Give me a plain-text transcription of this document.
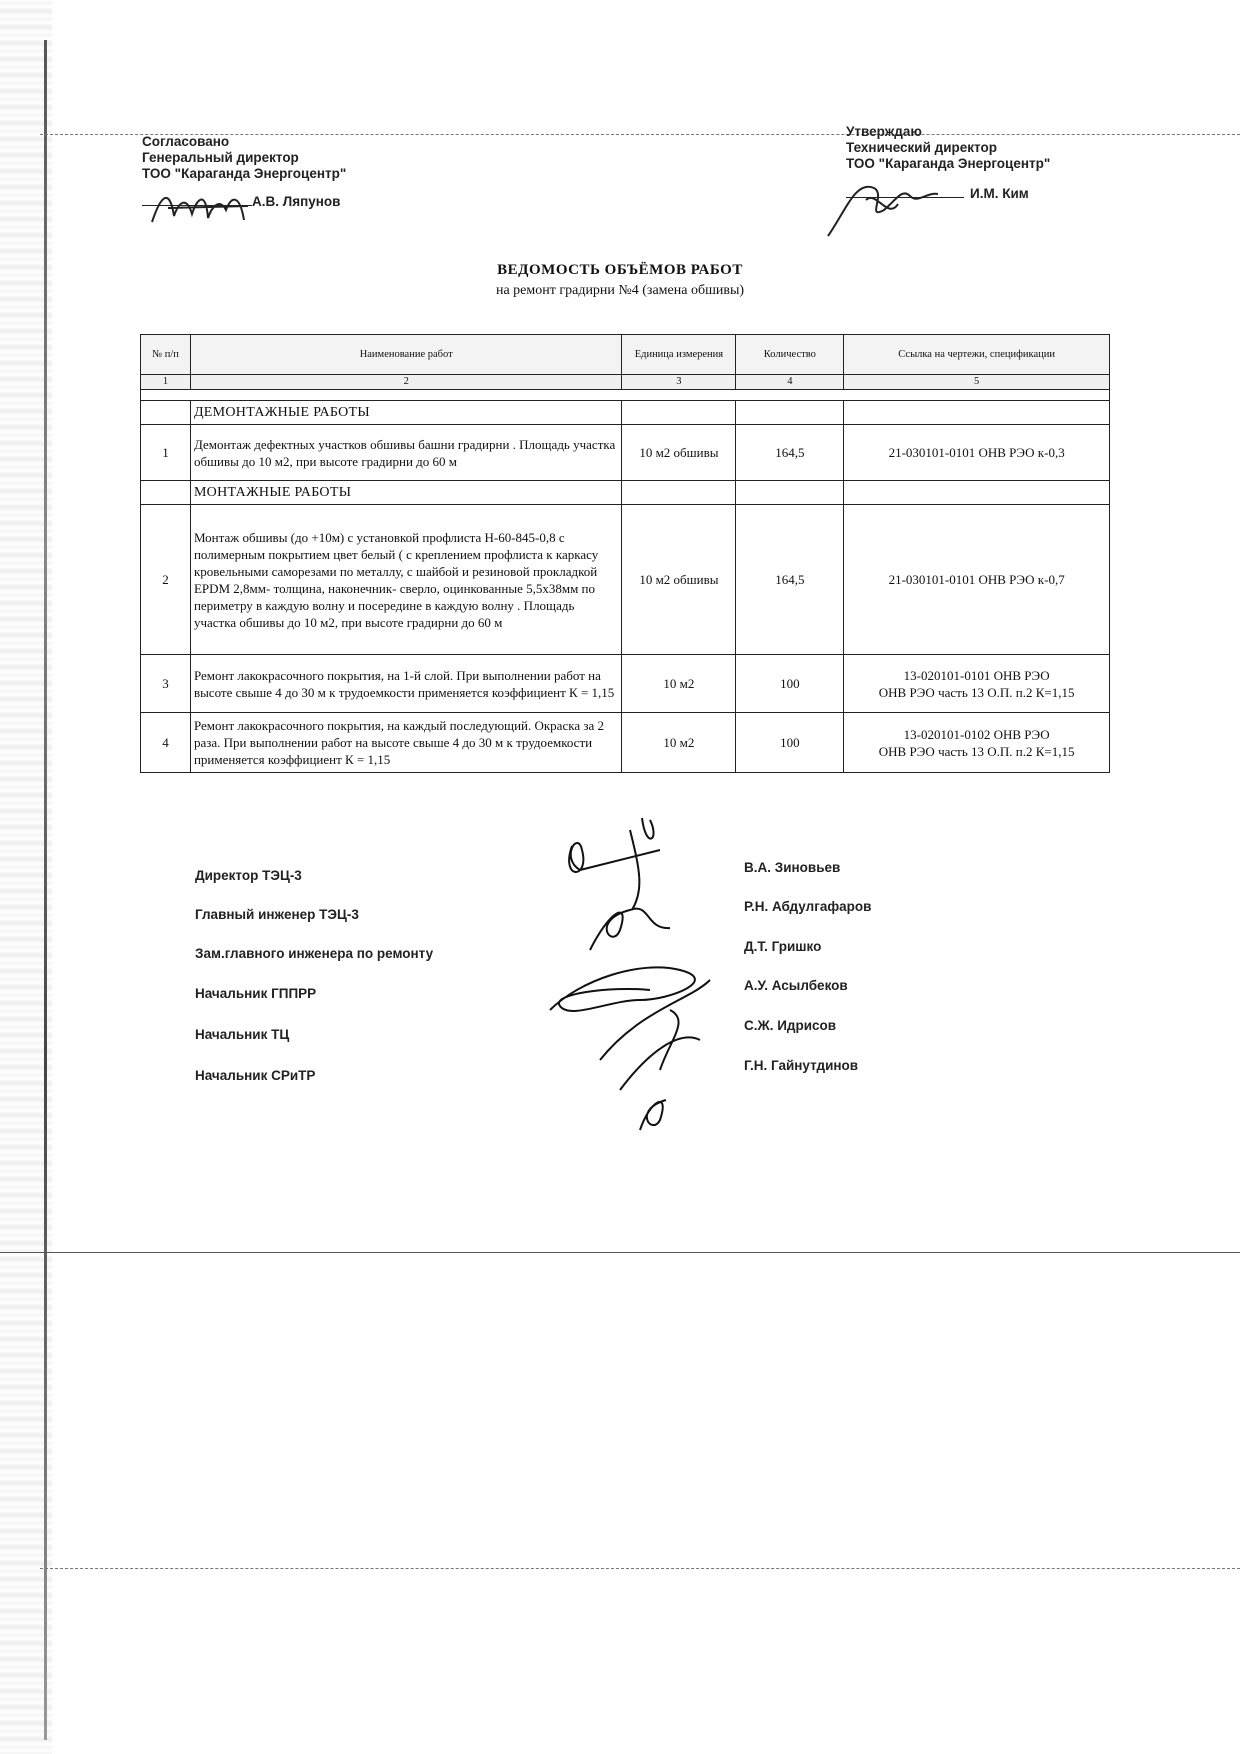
Согласовано
Генеральный директор
ТОО "Караганда Энергоцентр"
А.В. Ляпунов
Утверждаю
Технический директор
ТОО "Караганда Энергоцентр"
И.М. Ким
ВЕДОМОСТЬ ОБЪЁМОВ РАБОТ
на ремонт градирни №4 (замена обшивы)
№ п/п	Наименование работ	Единица измерения	Количество	Ссылка на чертежи, спецификации
1	2	3	4	5

	ДЕМОНТАЖНЫЕ РАБОТЫ			
1	Демонтаж дефектных участков обшивы башни градирни . Площадь участка обшивы до 10 м2, при высоте градирни до 60 м	10 м2 обшивы	164,5	21-030101-0101 ОНВ РЭО к-0,3
	МОНТАЖНЫЕ РАБОТЫ			
2	Монтаж обшивы (до +10м) с установкой профлиста Н-60-845-0,8 с полимерным покрытием цвет белый ( с креплением профлиста к каркасу кровельными саморезами по металлу, с шайбой и резиновой прокладкой EPDM 2,8мм- толщина, наконечник- сверло, оцинкованные 5,5х38мм по периметру в каждую волну и посередине в каждую волну . Площадь участка обшивы до 10 м2, при высоте градирни до 60 м	10 м2 обшивы	164,5	21-030101-0101 ОНВ РЭО к-0,7
3	Ремонт лакокрасочного покрытия, на 1-й слой. При выполнении работ на высоте свыше 4 до 30 м к трудоемкости применяется коэффициент К = 1,15	10 м2	100	13-020101-0101 ОНВ РЭО
ОНВ РЭО часть 13 О.П. п.2 К=1,15

4	Ремонт лакокрасочного покрытия, на каждый последующий. Окраска за 2 раза. При выполнении работ на высоте свыше 4 до 30 м к трудоемкости применяется коэффициент К = 1,15	10 м2	100	13-020101-0102 ОНВ РЭО
ОНВ РЭО часть 13 О.П. п.2 К=1,15
Директор ТЭЦ-3
В.А. Зиновьев
Главный инженер ТЭЦ-3
Р.Н. Абдулгафаров
Зам.главного инженера по ремонту	Д.Т. Гришко
Начальник ГППРР
А.У. Асылбеков
Начальник ТЦ
С.Ж. Идрисов
Начальник СРиТР
Г.Н. Гайнутдинов
